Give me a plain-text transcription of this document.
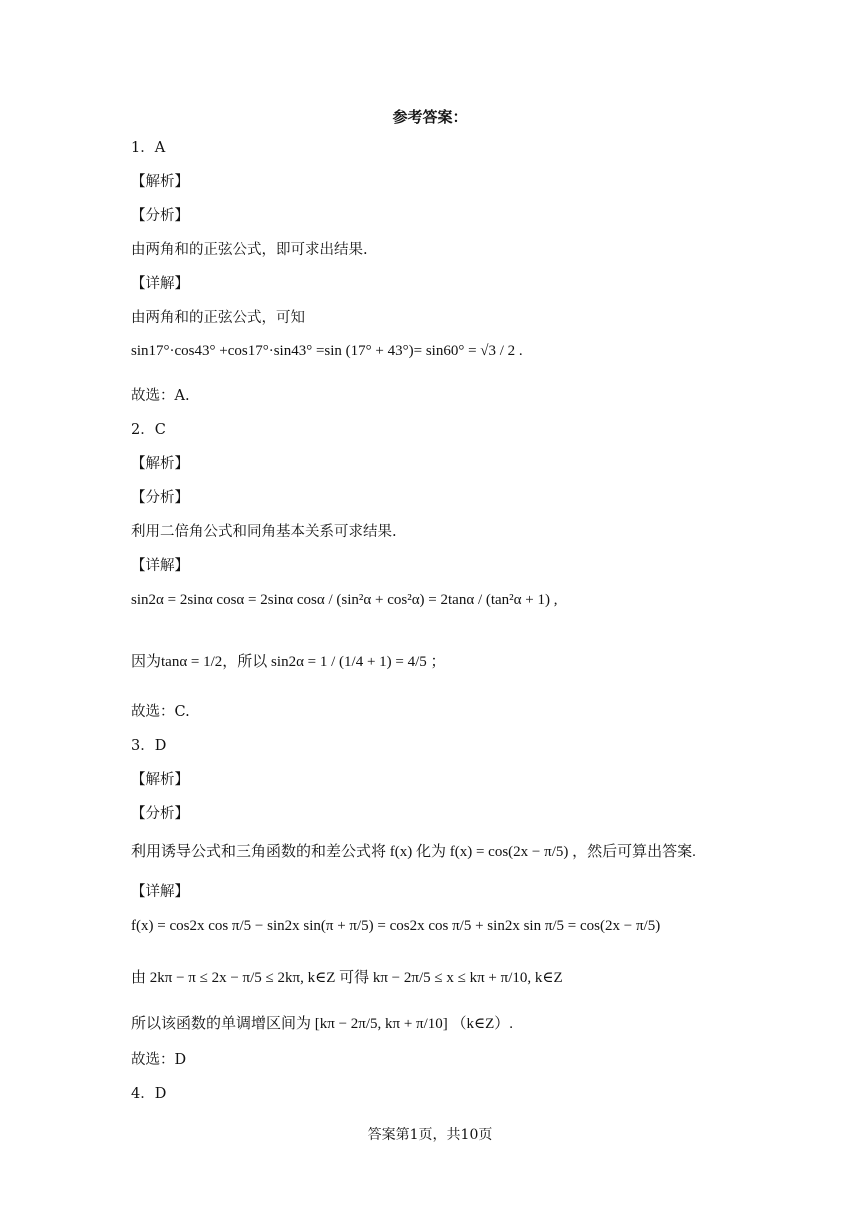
参考答案：
1．A
【解析】
【分析】
由两角和的正弦公式，即可求出结果.
【详解】
由两角和的正弦公式，可知
sin17°·cos43° +cos17°·sin43° =sin (17° + 43°)= sin60° = √3 / 2 .
故选：A.
2．C
【解析】
【分析】
利用二倍角公式和同角基本关系可求结果.
【详解】
sin2α = 2sinα cosα = 2sinα cosα / (sin²α + cos²α) = 2tanα / (tan²α + 1) ,
因为tanα = 1/2，所以 sin2α = 1 / (1/4 + 1) = 4/5 ；
故选：C.
3．D
【解析】
【分析】
利用诱导公式和三角函数的和差公式将 f(x) 化为 f(x) = cos(2x − π/5) ，然后可算出答案.
【详解】
f(x) = cos2x cos π/5 − sin2x sin(π + π/5) = cos2x cos π/5 + sin2x sin π/5 = cos(2x − π/5)
由 2kπ − π ≤ 2x − π/5 ≤ 2kπ, k∈Z 可得 kπ − 2π/5 ≤ x ≤ kπ + π/10, k∈Z
所以该函数的单调增区间为 [kπ − 2π/5, kπ + π/10] （k∈Z）.
故选：D
4．D
答案第1页，共10页
